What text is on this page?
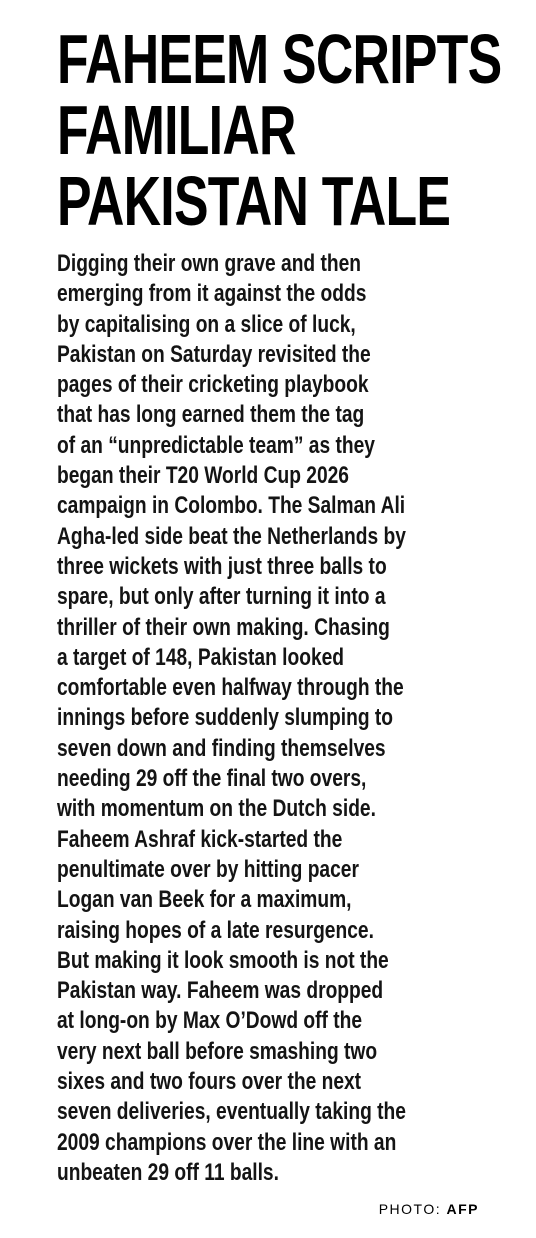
FAHEEM SCRIPTS
FAMILIAR
PAKISTAN TALE
Digging their own grave and then
emerging from it against the odds
by capitalising on a slice of luck,
Pakistan on Saturday revisited the
pages of their cricketing playbook
that has long earned them the tag
of an “unpredictable team” as they
began their T20 World Cup 2026
campaign in Colombo. The Salman Ali
Agha-led side beat the Netherlands by
three wickets with just three balls to
spare, but only after turning it into a
thriller of their own making. Chasing
a target of 148, Pakistan looked
comfortable even halfway through the
innings before suddenly slumping to
seven down and finding themselves
needing 29 off the final two overs,
with momentum on the Dutch side.
Faheem Ashraf kick-started the
penultimate over by hitting pacer
Logan van Beek for a maximum,
raising hopes of a late resurgence.
But making it look smooth is not the
Pakistan way. Faheem was dropped
at long-on by Max O’Dowd off the
very next ball before smashing two
sixes and two fours over the next
seven deliveries, eventually taking the
2009 champions over the line with an
unbeaten 29 off 11 balls.
PHOTO: AFP
